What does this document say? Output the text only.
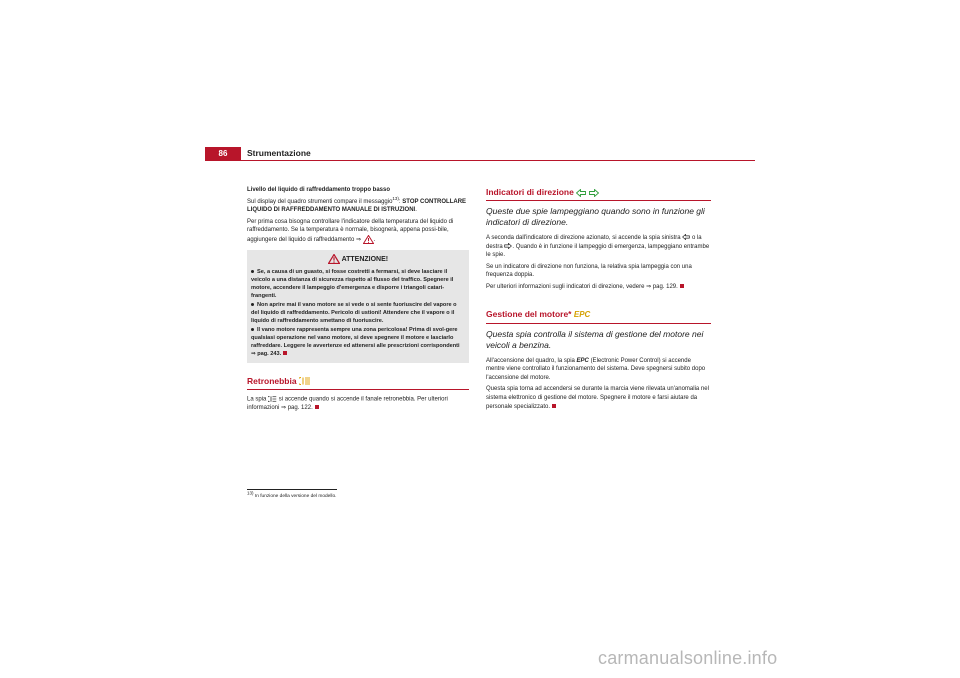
86	Strumentazione

Livello del liquido di raffreddamento troppo basso

Sul display del quadro strumenti compare il messaggio$^{13)}$: STOP CONTROLLARE LIQUIDO DI RAFFREDDAMENTO MANUALE DI ISTRUZIONI.

Per prima cosa bisogna controllare l'indicatore della temperatura del liquido di raffreddamento. Se la temperatura è normale, bisognerà, appena possi-bile, aggiungere del liquido di raffreddamento ⇒ .

ATTENZIONE!

Se, a causa di un guasto, si fosse costretti a fermarsi, si deve lasciare il veicolo a una distanza di sicurezza rispetto al flusso del traffico. Spegnere il motore, accendere il lampeggio d'emergenza e disporre i triangoli catari-frangenti.

Non aprire mai il vano motore se si vede o si sente fuoriuscire del vapore o del liquido di raffreddamento. Pericolo di ustioni! Attendere che il vapore o il liquido di raffreddamento smettano di fuoriuscire.

Il vano motore rappresenta sempre una zona pericolosa! Prima di svol-gere qualsiasi operazione nel vano motore, si deve spegnere il motore e lasciarlo raffreddare. Leggere le avvertenze ed attenersi alle prescrizioni corrispondenti ⇒ pag. 243.

Retronebbia

La spia si accende quando si accende il fanale retronebbia. Per ulteriori informazioni ⇒ pag. 122.

Indicatori di direzione

Queste due spie lampeggiano quando sono in funzione gli indicatori di direzione.

A seconda dall'indicatore di direzione azionato, si accende la spia sinistra o la destra . Quando è in funzione il lampeggio di emergenza, lampeggiano entrambe le spie.

Se un indicatore di direzione non funziona, la relativa spia lampeggia con una frequenza doppia.

Per ulteriori informazioni sugli indicatori di direzione, vedere ⇒ pag. 129.

Gestione del motore* EPC

Questa spia controlla il sistema di gestione del motore nei veicoli a benzina.

All'accensione del quadro, la spia EPC (Electronic Power Control) si accende mentre viene controllato il funzionamento del sistema. Deve spegnersi subito dopo l'accensione del motore.

Questa spia torna ad accendersi se durante la marcia viene rilevata un'anomalia nel sistema elettronico di gestione del motore. Spegnere il motore e farsi aiutare da personale specializzato.

13) In funzione della versione del modello.
carmanualsonline.info
